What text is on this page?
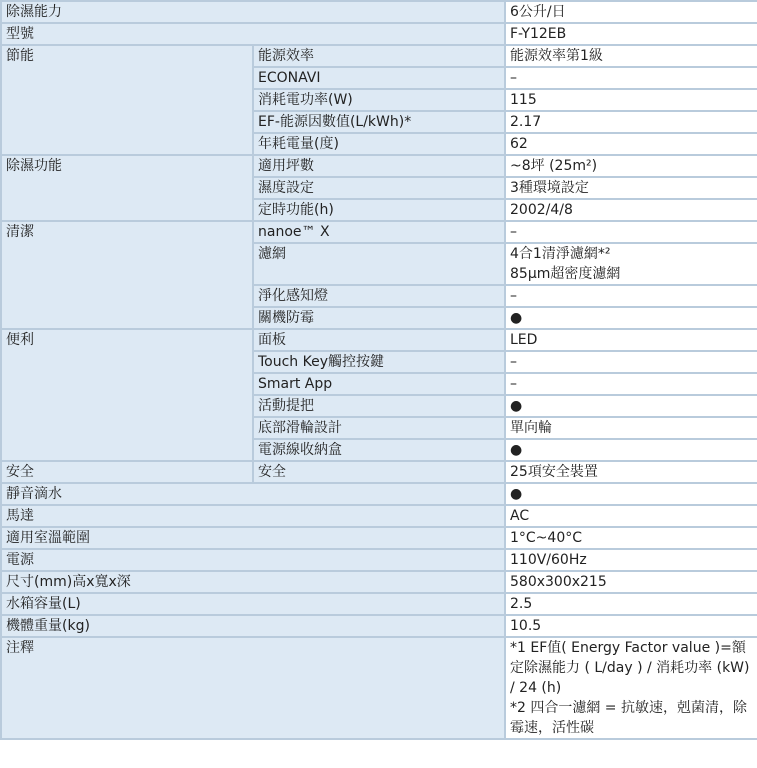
除濕能力		6公升/日
型號		F-Y12EB
節能	能源效率	能源效率第1級
	ECONAVI	–
	消耗電功率(W)	115
	EF-能源因數值(L/kWh)*	2.17
	年耗電量(度)	62
除濕功能	適用坪數	~8坪 (25m²)
	濕度設定	3種環境設定
	定時功能(h)	2002/4/8
清潔	nanoe™ X	–
	濾網	4合1清淨濾網*²
85μm超密度濾網

	淨化感知燈	–
	關機防霉	●
便利	面板	LED
	Touch Key觸控按鍵	–
	Smart App	–
	活動提把	●
	底部滑輪設計	單向輪
	電源線收納盒	●
安全	安全	25項安全裝置
靜音滴水		●
馬達		AC
適用室溫範圍		1°C~40°C
電源		110V/60Hz
尺寸(mm)高x寬x深		580x300x215
水箱容量(L)		2.5
機體重量(kg)		10.5
注釋		*1 EF值( Energy Factor value )=額定除濕能力 ( L/day ) / 消耗功率 (kW) / 24 (h)
*2 四合一濾網 = 抗敏速，剋菌清，除霉速，活性碳
